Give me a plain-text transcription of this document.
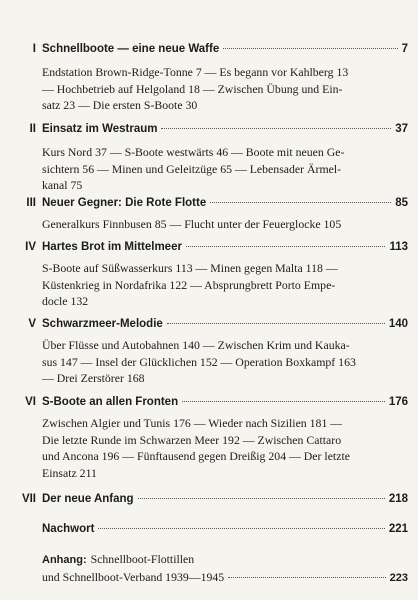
I Schnellboote — eine neue Waffe	7
Endstation Brown-Ridge-Tonne 7 — Es begann vor Kahlberg 13
— Hochbetrieb auf Helgoland 18 — Zwischen Übung und Ein-
satz 23 — Die ersten S-Boote 30
II Einsatz im Westraum	37
Kurs Nord 37 — S-Boote westwärts 46 — Boote mit neuen Ge-
sichtern 56 — Minen und Geleitzüge 65 — Lebensader Ärmel-
kanal 75
III Neuer Gegner: Die Rote Flotte	85
Generalkurs Finnbusen 85 — Flucht unter der Feuerglocke 105
IV Hartes Brot im Mittelmeer	113
S-Boote auf Süßwasserkurs 113 — Minen gegen Malta 118 —
Küstenkrieg in Nordafrika 122 — Absprungbrett Porto Empe-
docle 132
V Schwarzmeer-Melodie	140
Über Flüsse und Autobahnen 140 — Zwischen Krim und Kauka-
sus 147 — Insel der Glücklichen 152 — Operation Boxkampf 163
— Drei Zerstörer 168
VI S-Boote an allen Fronten	176
Zwischen Algier und Tunis 176 — Wieder nach Sizilien 181 —
Die letzte Runde im Schwarzen Meer 192 — Zwischen Cattaro
und Ancona 196 — Fünftausend gegen Dreißig 204 — Der letzte
Einsatz 211
VII Der neue Anfang	218
Nachwort	221
Anhang: Schnellboot-Flottillen
und Schnellboot-Verband 1939—1945	223
